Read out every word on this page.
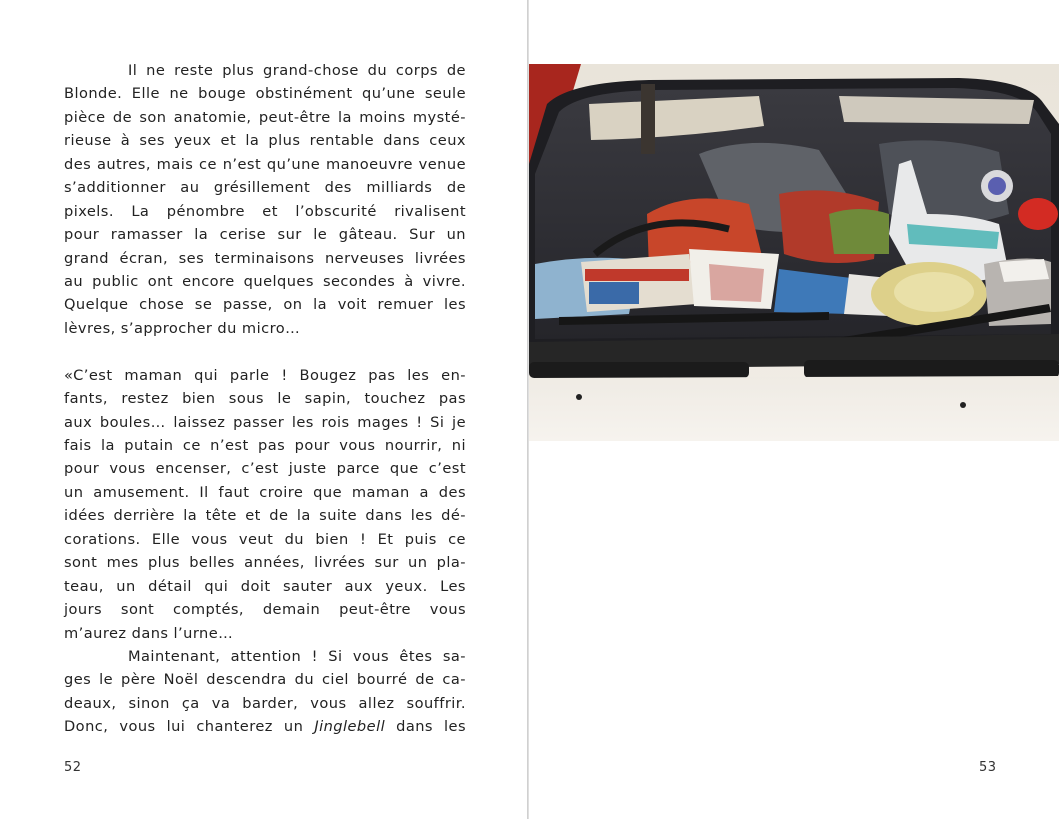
Il ne reste plus grand-chose du corps de
Blonde. Elle ne bouge obstinément qu’une seule
pièce de son anatomie, peut-être la moins mysté-
rieuse à ses yeux et la plus rentable dans ceux
des autres, mais ce n’est qu’une manoeuvre venue
s’additionner au grésillement des milliards de
pixels. La pénombre et l’obscurité rivalisent
pour ramasser la cerise sur le gâteau. Sur un
grand écran, ses terminaisons nerveuses livrées
au public ont encore quelques secondes à vivre.
Quelque chose se passe, on la voit remuer les
lèvres, s’approcher du micro…
«C’est maman qui parle ! Bougez pas les en-
fants, restez bien sous le sapin, touchez pas
aux boules… laissez passer les rois mages ! Si je
fais la putain ce n’est pas pour vous nourrir, ni
pour vous encenser, c’est juste parce que c’est
un amusement. Il faut croire que maman a des
idées derrière la tête et de la suite dans les dé-
corations. Elle vous veut du bien ! Et puis ce
sont mes plus belles années, livrées sur un pla-
teau, un détail qui doit sauter aux yeux. Les
jours sont comptés, demain peut-être vous
m’aurez dans l’urne…
Maintenant, attention ! Si vous êtes sa-
ges le père Noël descendra du ciel bourré de ca-
deaux, sinon ça va barder, vous allez souffrir.
Donc, vous lui chanterez un Jinglebell dans les
52	53
